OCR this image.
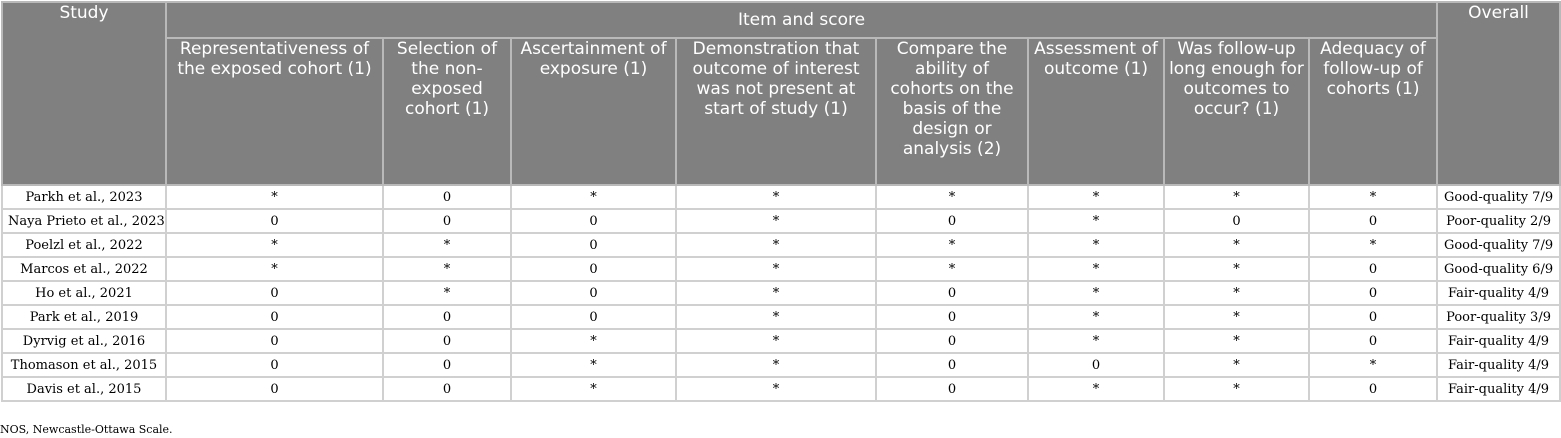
Study	Item and score								Overall
	Representativeness of the exposed cohort (1)	Selection of the non-exposed cohort (1)	Ascertainment of exposure (1)	Demonstration that outcome of interest was not present at start of study (1)	Compare the ability of cohorts on the basis of the design or analysis (2)	Assessment of outcome (1)	Was follow-up long enough for outcomes to occur? (1)	Adequacy of follow-up of cohorts (1)	
Parkh et al., 2023	*	0	*	*	*	*	*	*	Good-quality 7/9
Naya Prieto et al., 2023	0	0	0	*	0	*	0	0	Poor-quality 2/9
Poelzl et al., 2022	*	*	0	*	*	*	*	*	Good-quality 7/9
Marcos et al., 2022	*	*	0	*	*	*	*	0	Good-quality 6/9
Ho et al., 2021	0	*	0	*	0	*	*	0	Fair-quality 4/9
Park et al., 2019	0	0	0	*	0	*	*	0	Poor-quality 3/9
Dyrvig et al., 2016	0	0	*	*	0	*	*	0	Fair-quality 4/9
Thomason et al., 2015	0	0	*	*	0	0	*	*	Fair-quality 4/9
Davis et al., 2015	0	0	*	*	0	*	*	0	Fair-quality 4/9
NOS, Newcastle-Ottawa Scale.
